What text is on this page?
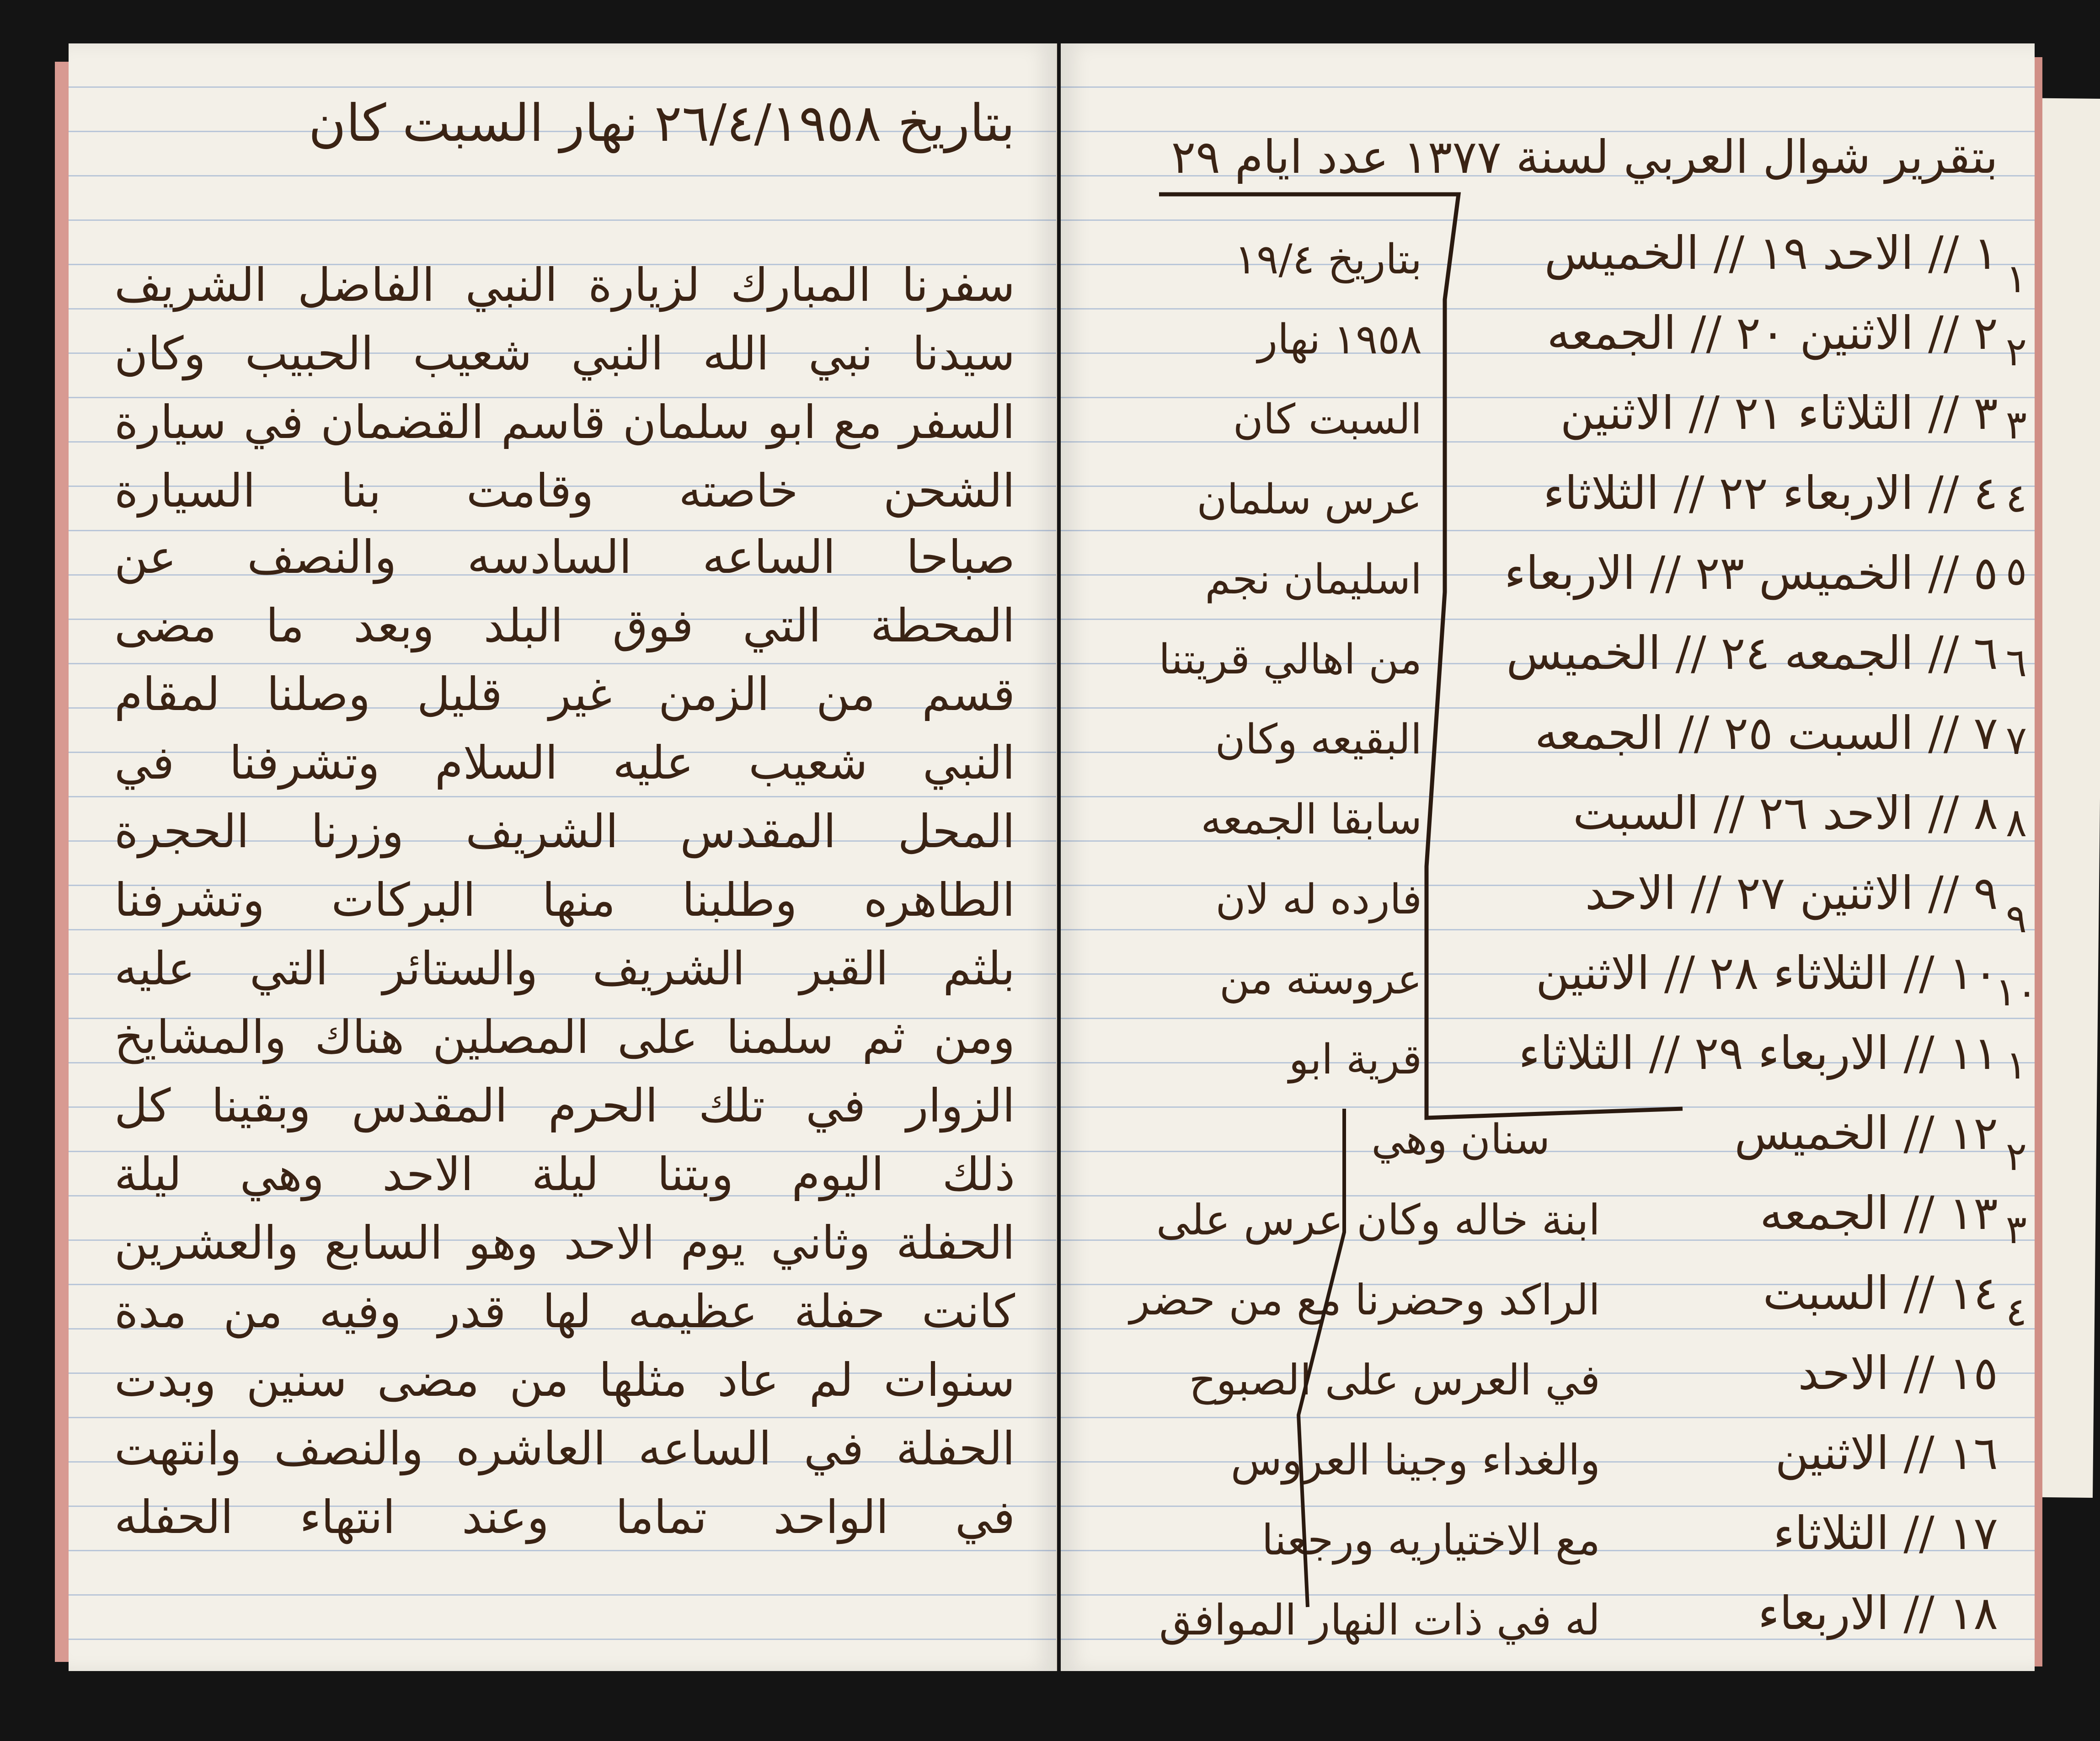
بتاريخ ٢٦/٤/١٩٥٨ نهار السبت كان
سفرنا المبارك لزيارة النبي الفاضل الشريف
سيدنا نبي الله النبي شعيب الحبيب وكان
السفر مع ابو سلمان قاسم القضمان في سيارة
الشحن خاصته وقامت بنا السيارة
صباحا الساعه السادسه والنصف عن
المحطة التي فوق البلد وبعد ما مضى
قسم من الزمن غير قليل وصلنا لمقام
النبي شعيب عليه السلام وتشرفنا في
المحل المقدس الشريف وزرنا الحجرة
الطاهره وطلبنا منها البركات وتشرفنا
بلثم القبر الشريف والستائر التي عليه
ومن ثم سلمنا على المصلين هناك والمشايخ
الزوار في تلك الحرم المقدس وبقينا كل
ذلك اليوم وبتنا ليلة الاحد وهي ليلة
الحفلة وثاني يوم الاحد وهو السابع والعشرين
كانت حفلة عظيمه لها قدر وفيه من مدة
سنوات لم عاد مثلها من مضى سنين وبدت
الحفلة في الساعه العاشره والنصف وانتهت
في الواحد تماما وعند انتهاء الحفله
بتقرير شوال العربي لسنة ١٣٧٧ عدد ايام ٢٩
١ // الاحد ١٩ // الخميس
٢ // الاثنين ٢٠ // الجمعه
٣ // الثلاثاء ٢١ // الاثنين
٤ // الاربعاء ٢٢ // الثلاثاء
٥ // الخميس ٢٣ // الاربعاء
٦ // الجمعه ٢٤ // الخميس
٧ // السبت ٢٥ // الجمعه
٨ // الاحد ٢٦ // السبت
٩ // الاثنين ٢٧ // الاحد
١٠ // الثلاثاء ٢٨ // الاثنين
١١ // الاربعاء ٢٩ // الثلاثاء
١٢ // الخميس
١٣ // الجمعه
١٤ // السبت
١٥ // الاحد
١٦ // الاثنين
١٧ // الثلاثاء
١٨ // الاربعاء
بتاريخ ١٩/٤
١٩٥٨ نهار
السبت كان
عرس سلمان
اسليمان نجم
من اهالي قريتنا
البقيعه وكان
سابقا الجمعه
فارده له لان
عروسته من
قرية ابو
سنان وهي
ابنة خاله وكان عرس على
الراكد وحضرنا مع من حضر
في العرس على الصبوح
والغداء وجينا العروس
مع الاختياريه ورجعنا
له في ذات النهار الموافق
١
٢
٣
٤
٥
٦
٧
٨
٩
١٠
١
٢
٣
٤
